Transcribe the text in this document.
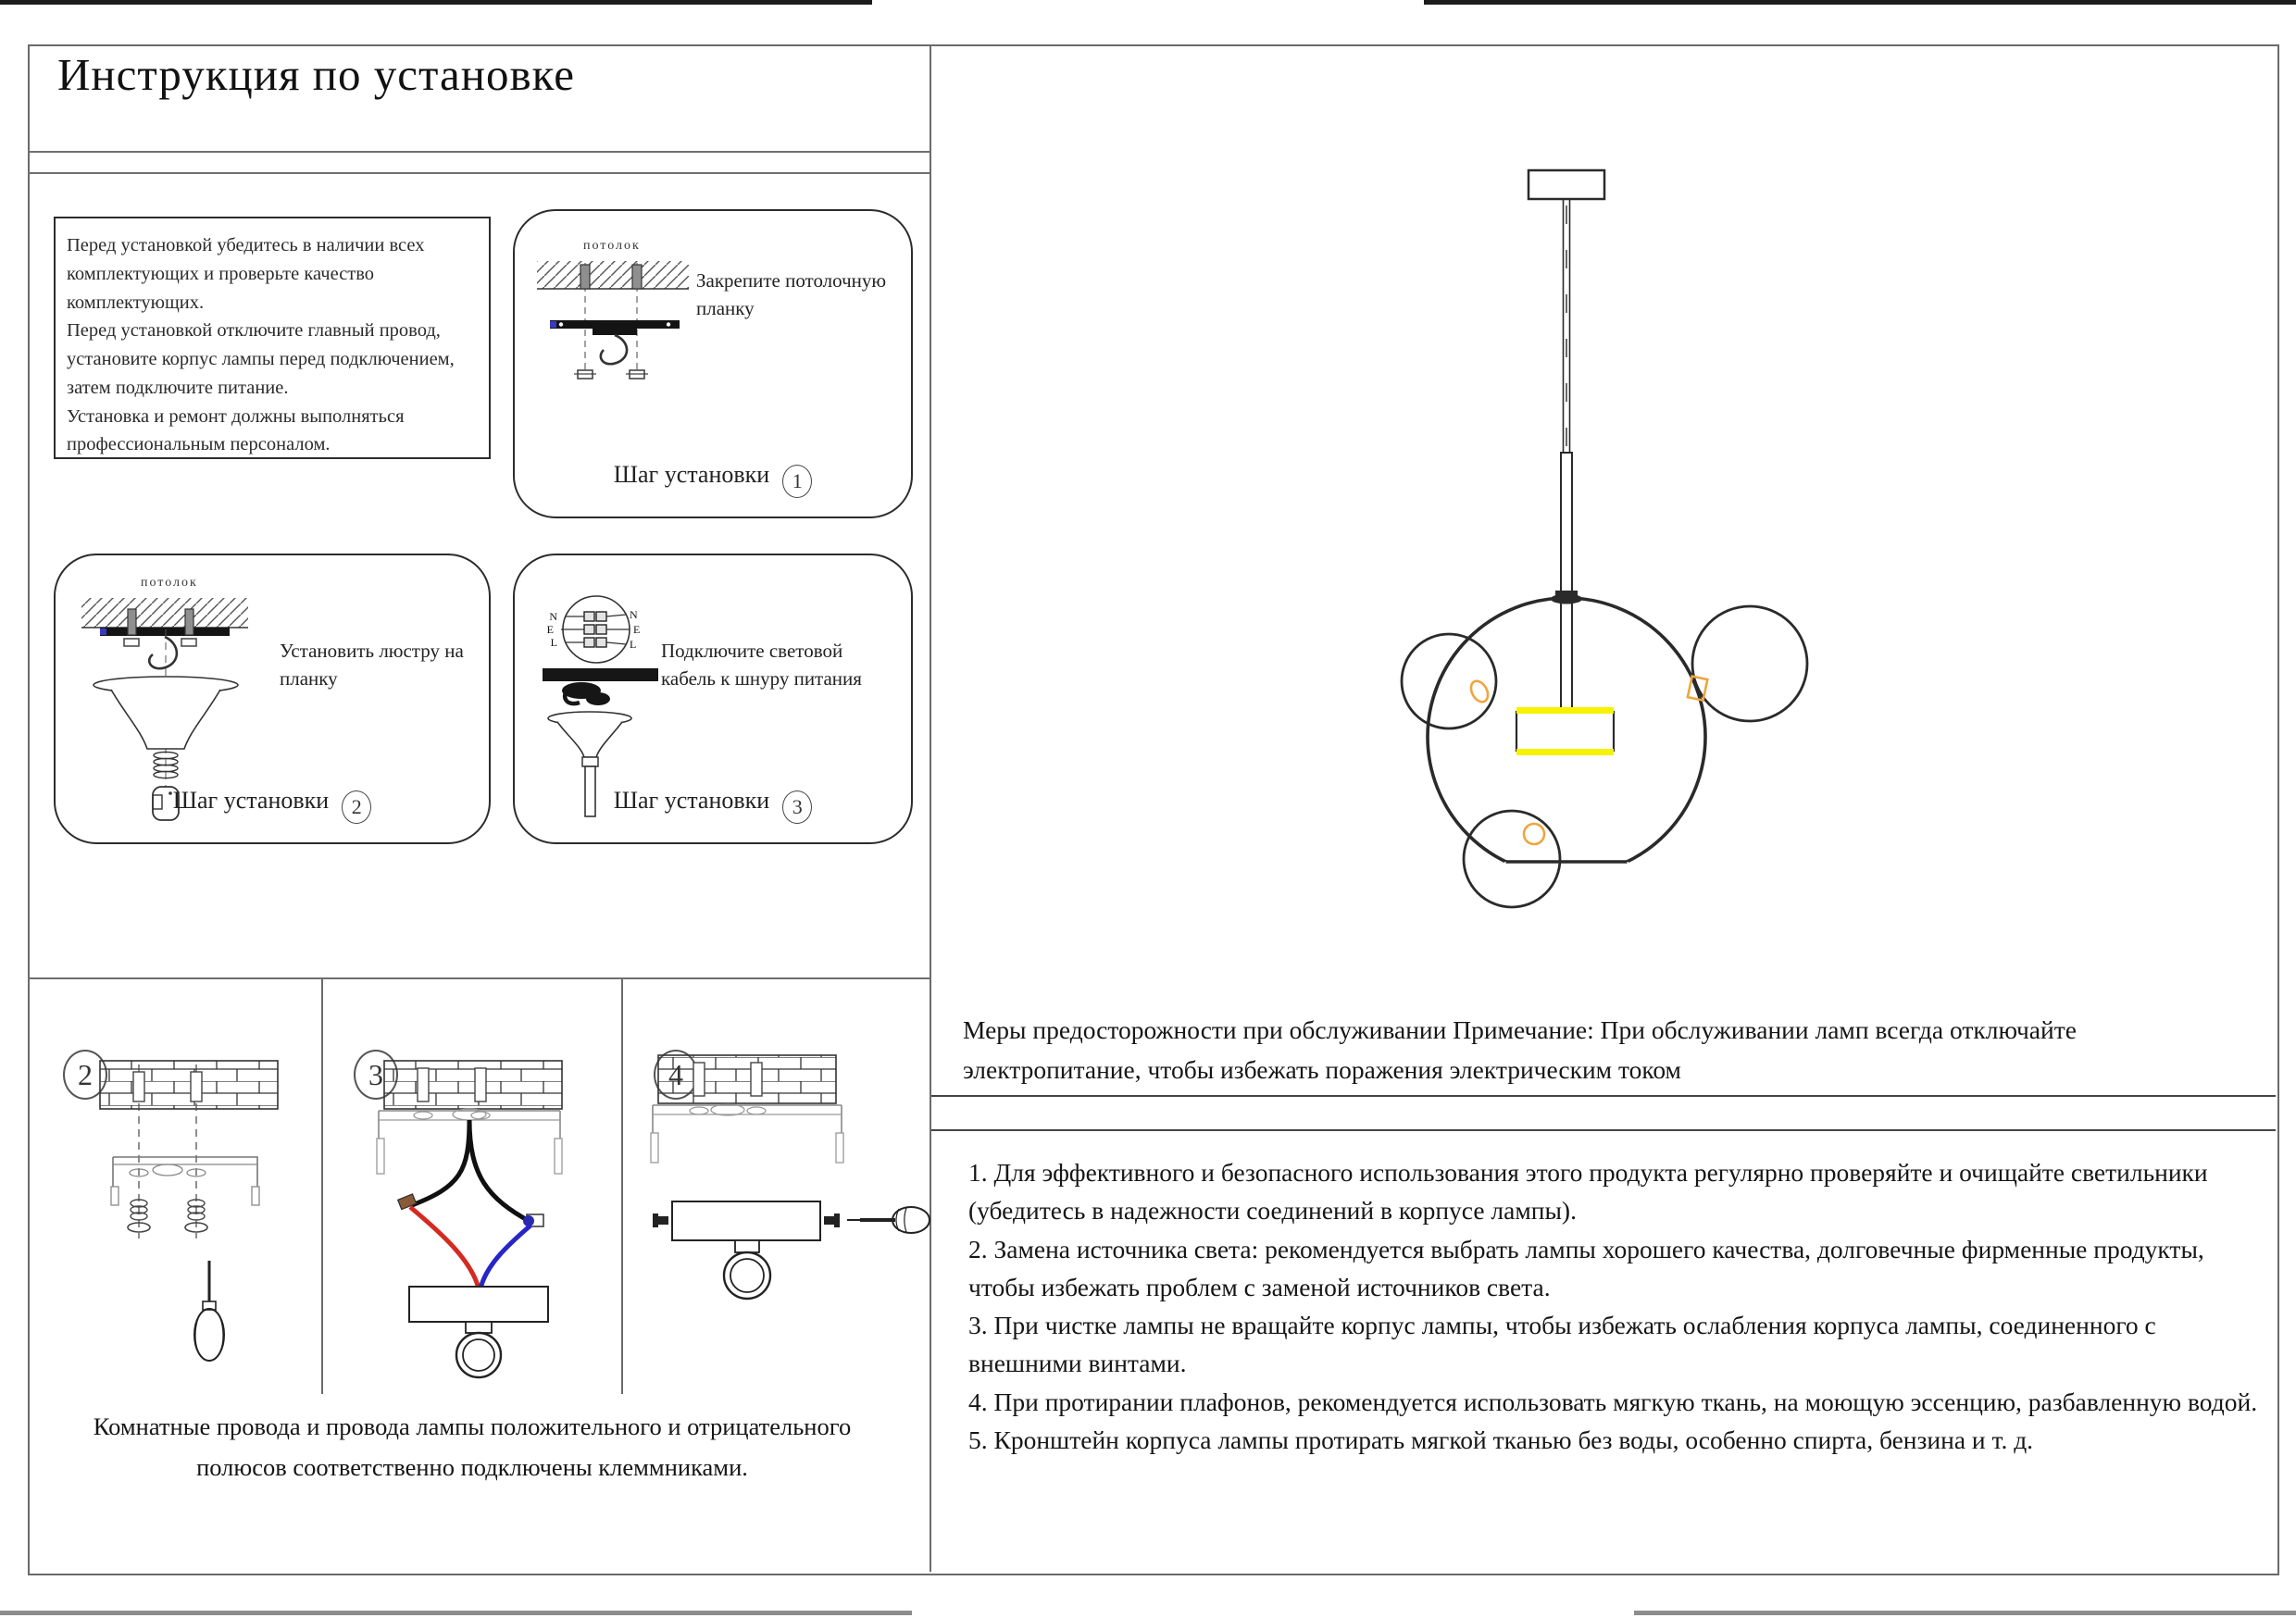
Инструкция по установке

Перед установкой убедитесь в наличии всех комплектующих и проверьте качество комплектующих.

Перед установкой отключите главный провод, установите корпус лампы перед подключением, затем подключите питание.

Установка и ремонт должны выполняться профессиональным персоналом.

потолок
Закрепите потолочную планку
Шаг установки 1
потолок
Установить люстру на планку
Шаг установки 2
N
E
L
N
E
L Подключите световой кабель к шнуру питания
Шаг установки 3
2	3
Комнатные провода и провода лампы положительного и отрицательного полюсов соответственно подключены клеммниками.
Меры предосторожности при обслуживании Примечание: При обслуживании ламп всегда отключайте электропитание, чтобы избежать поражения электрическим током
1. Для эффективного и безопасного использования этого продукта регулярно проверяйте и очищайте светильники (убедитесь в надежности соединений в корпусе лампы).
2. Замена источника света: рекомендуется выбрать лампы хорошего качества, долговечные фирменные продукты, чтобы избежать проблем с заменой источников света.
3. При чистке лампы не вращайте корпус лампы, чтобы избежать ослабления корпуса лампы, соединенного с внешними винтами.
4. При протирании плафонов, рекомендуется использовать мягкую ткань, на моющую эссенцию, разбавленную водой.
5. Кронштейн корпуса лампы протирать мягкой тканью без воды, особенно спирта, бензина и т. д.
